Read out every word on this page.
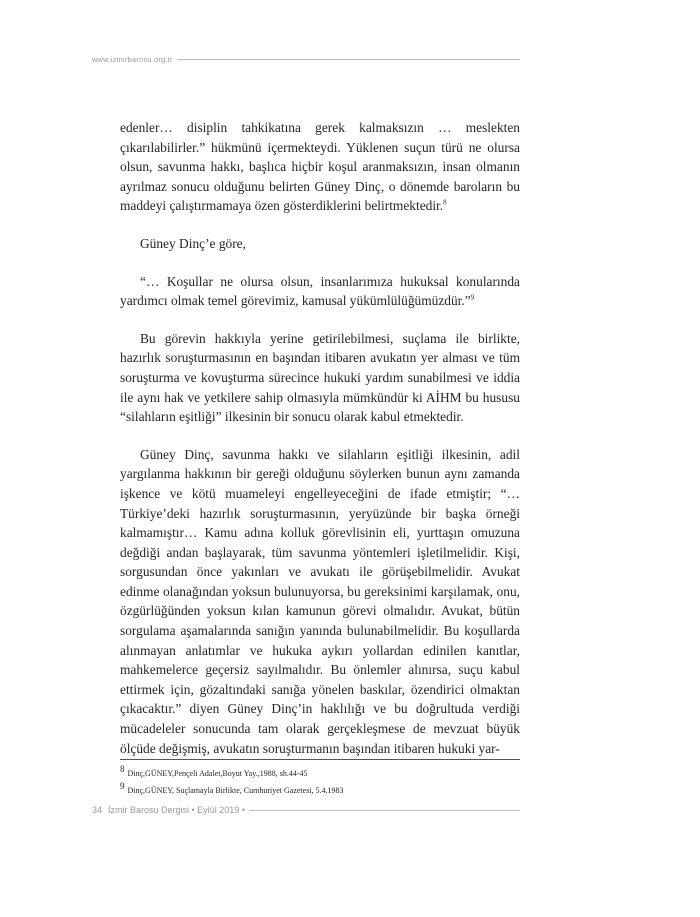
www.izmirbarosu.org.tr

edenler… disiplin tahkikatına gerek kalmaksızın … meslekten çıkarılabilirler.” hükmünü içermekteydi. Yüklenen suçun türü ne olursa olsun, savunma hakkı, başlıca hiçbir koşul aranmaksızın, insan olmanın ayrılmaz sonucu olduğunu belirten Güney Dinç, o dönemde baroların bu maddeyi çalıştırmamaya özen gösterdiklerini belirtmektedir.$^8$

Güney Dinç’e göre,

“… Koşullar ne olursa olsun, insanlarımıza hukuksal konularında yardımcı olmak temel görevimiz, kamusal yükümlülüğümüzdür.”$^9$

Bu görevin hakkıyla yerine getirilebilmesi, suçlama ile birlikte, hazırlık soruşturmasının en başından itibaren avukatın yer alması ve tüm soruşturma ve kovuşturma sürecince hukuki yardım sunabilmesi ve iddia ile aynı hak ve yetkilere sahip olmasıyla mümkündür ki AİHM bu hususu “silahların eşitliği” ilkesinin bir sonucu olarak kabul etmektedir.

Güney Dinç, savunma hakkı ve silahların eşitliği ilkesinin, adil yargılanma hakkının bir gereği olduğunu söylerken bunun aynı zamanda işkence ve kötü muameleyi engelleyeceğini de ifade etmiştir; “…Türkiye’deki hazırlık soruşturmasının, yeryüzünde bir başka örneği kalmamıştır… Kamu adına kolluk görevlisinin eli, yurttaşın omuzuna değdiği andan başlayarak, tüm savunma yöntemleri işletilmelidir. Kişi, sorgusundan önce yakınları ve avukatı ile görüşebilmelidir. Avukat edinme olanağından yoksun bulunuyorsa, bu gereksinimi karşılamak, onu, özgürlüğünden yoksun kılan kamunun görevi olmalıdır. Avukat, bütün sorgulama aşamalarında sanığın yanında bulunabilmelidir. Bu koşullarda alınmayan anlatımlar ve hukuka aykırı yollardan edinilen kanıtlar, mahkemelerce geçersiz sayılmalıdır. Bu önlemler alınırsa, suçu kabul ettirmek için, gözaltındaki sanığa yönelen baskılar, özendirici olmaktan çıkacaktır.” diyen Güney Dinç’in haklılığı ve bu doğrultuda verdiği mücadeleler sonucunda tam olarak gerçekleşmese de mevzuat büyük ölçüde değişmiş, avukatın soruşturmanın başından itibaren hukuki yar-

8 Dinç,GÜNEY,Pençeli Adalet,Boyut Yay.,1988, sh.44-45
9 Dinç,GÜNEY, Suçlamayla Birlikte, Cumhuriyet Gazetesi, 5.4.1983
34 İzmir Barosu Dergisi • Eylül 2019 •
